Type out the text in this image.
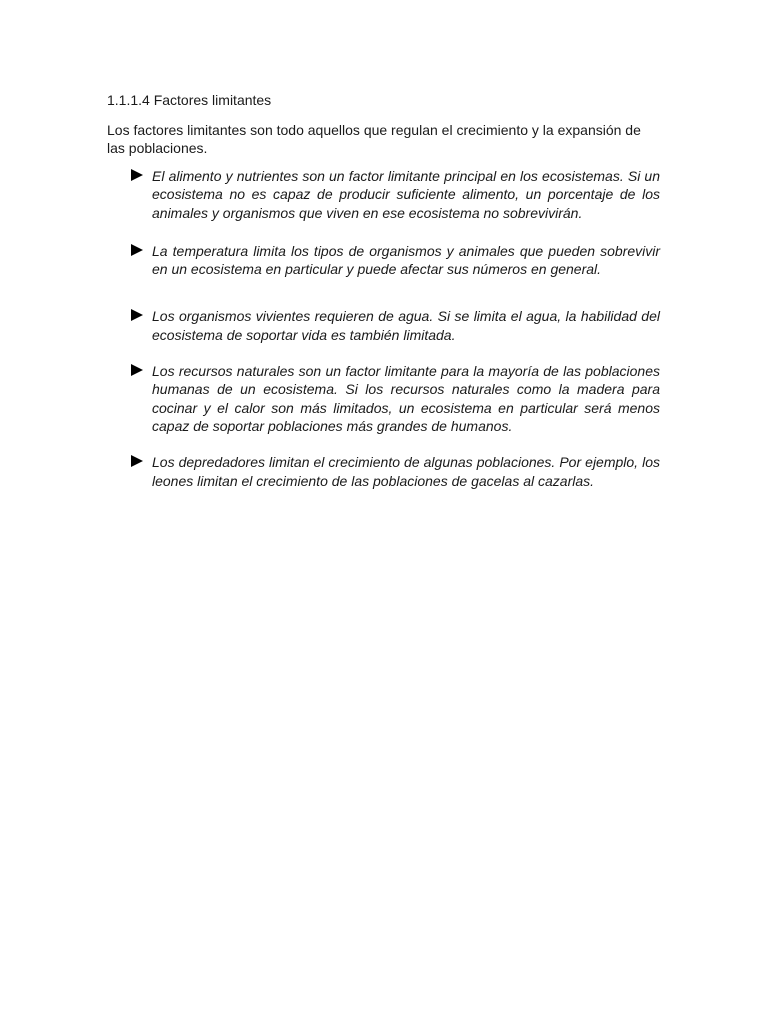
1.1.1.4 Factores limitantes

Los factores limitantes son todo aquellos que regulan el crecimiento y la expansión de las poblaciones.

El alimento y nutrientes son un factor limitante principal en los ecosistemas. Si un ecosistema no es capaz de producir suficiente alimento, un porcentaje de los animales y organismos que viven en ese ecosistema no sobrevivirán.
La temperatura limita los tipos de organismos y animales que pueden sobrevivir en un ecosistema en particular y puede afectar sus números en general.
Los organismos vivientes requieren de agua. Si se limita el agua, la habilidad del ecosistema de soportar vida es también limitada.
Los recursos naturales son un factor limitante para la mayoría de las poblaciones humanas de un ecosistema. Si los recursos naturales como la madera para cocinar y el calor son más limitados, un ecosistema en particular será menos capaz de soportar poblaciones más grandes de humanos.
Los depredadores limitan el crecimiento de algunas poblaciones. Por ejemplo, los leones limitan el crecimiento de las poblaciones de gacelas al cazarlas.
